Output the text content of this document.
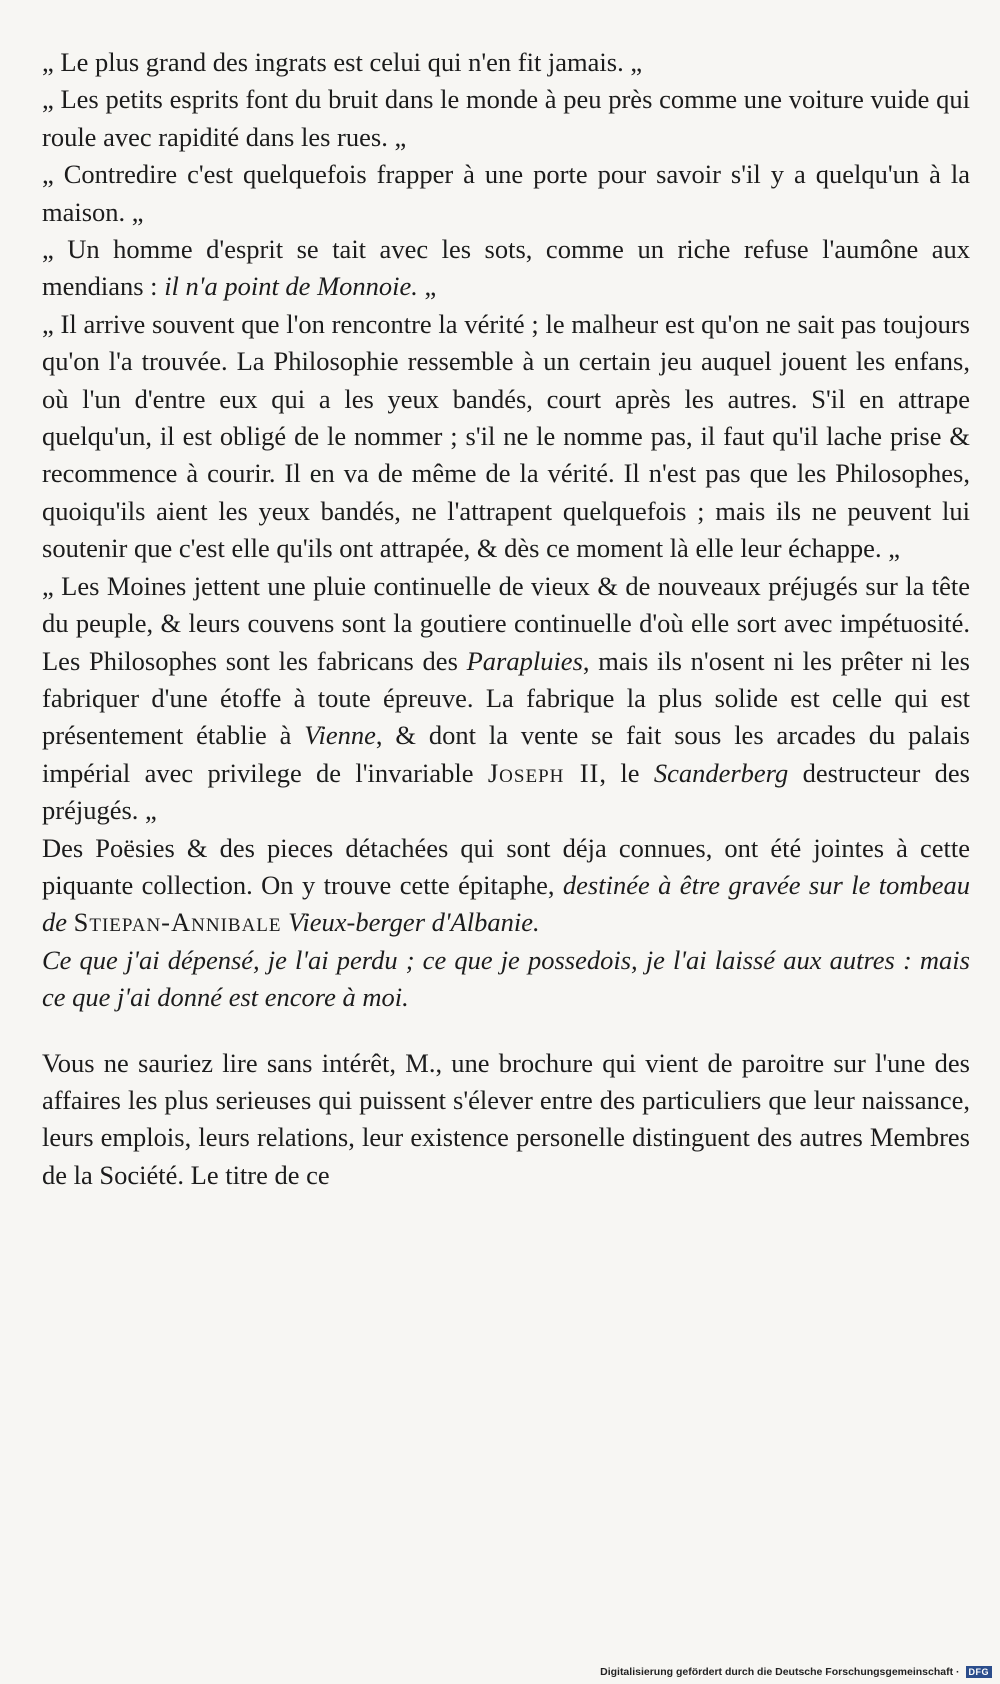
„ Le plus grand des ingrats est celui qui n'en fit jamais. „

„ Les petits esprits font du bruit dans le monde à peu près comme une voiture vuide qui roule avec rapidité dans les rues. „

„ Contredire c'est quelquefois frapper à une porte pour savoir s'il y a quelqu'un à la maison. „

„ Un homme d'esprit se tait avec les sots, comme un riche refuse l'aumône aux mendians : il n'a point de Monnoie. „

„ Il arrive souvent que l'on rencontre la vérité ; le malheur est qu'on ne sait pas toujours qu'on l'a trouvée. La Philosophie ressemble à un certain jeu auquel jouent les enfans, où l'un d'entre eux qui a les yeux bandés, court après les autres. S'il en attrape quelqu'un, il est obligé de le nommer ; s'il ne le nomme pas, il faut qu'il lache prise & recommence à courir. Il en va de même de la vérité. Il n'est pas que les Philosophes, quoiqu'ils aient les yeux bandés, ne l'attrapent quelquefois ; mais ils ne peuvent lui soutenir que c'est elle qu'ils ont attrapée, & dès ce moment là elle leur échappe. „

„ Les Moines jettent une pluie continuelle de vieux & de nouveaux préjugés sur la tête du peuple, & leurs couvens sont la goutiere continuelle d'où elle sort avec impétuosité. Les Philosophes sont les fabricans des Parapluies, mais ils n'osent ni les prêter ni les fabriquer d'une étoffe à toute épreuve. La fabrique la plus solide est celle qui est présentement établie à Vienne, & dont la vente se fait sous les arcades du palais impérial avec privilege de l'invariable Joseph II, le Scanderberg destructeur des préjugés. „

Des Poësies & des pieces détachées qui sont déja connues, ont été jointes à cette piquante collection. On y trouve cette épitaphe, destinée à être gravée sur le tombeau de Stiepan-Annibale Vieux-berger d'Albanie.

Ce que j'ai dépensé, je l'ai perdu ; ce que je possedois, je l'ai laissé aux autres : mais ce que j'ai donné est encore à moi.

Vous ne sauriez lire sans intérêt, M., une brochure qui vient de paroitre sur l'une des affaires les plus serieuses qui puissent s'élever entre des particuliers que leur naissance, leurs emplois, leurs relations, leur existence personelle distinguent des autres Membres de la Société. Le titre de ce

Digitalisierung gefördert durch die Deutsche Forschungsgemeinschaft ·	DFG
